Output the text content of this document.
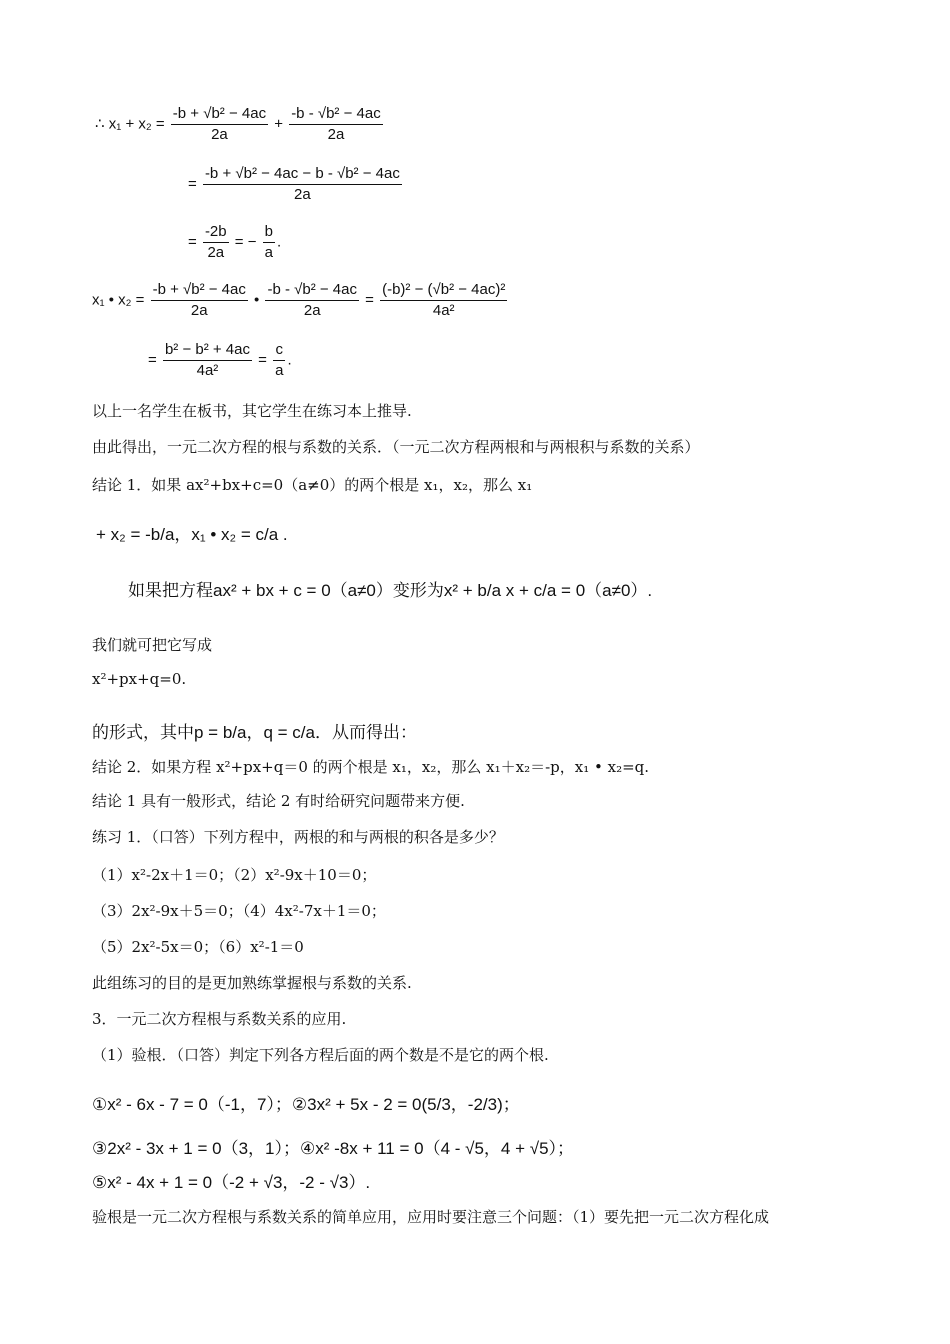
∴ $x_1 + x_2 = \frac{\text{-b + √b² − 4ac}}{2a} + \frac{\text{-b - √b² − 4ac}}{2a}$
= $\frac{\text{-b + √b² − 4ac − b - √b² − 4ac}}{2a}$
= $\frac{-2b}{2a}$ = − $\frac{b}{a}$ .
x₁ • $x_2 = \frac{\text{-b + √b² − 4ac}}{2a}$ • $\frac{\text{-b - √b² − 4ac}}{2a} = \frac{\text{(-b)² − (√b² − 4ac)²}}{\text{4a²}}$
= $\frac{\text{b² − b² + 4ac}}{\text{4a²}} = \frac{c}{a}$ .
以上一名学生在板书，其它学生在练习本上推导.
由此得出，一元二次方程的根与系数的关系．（一元二次方程两根和与两根积与系数的关系）
结论 1．如果 ax²+bx+c=0（a≠0）的两个根是 x₁，x₂，那么 x₁
+ x₂ = -b/a，x₁ • x₂ = c/a .
如果把方程ax² + bx + c = 0（a≠0）变形为x² + b/a x + c/a = 0（a≠0）.
我们就可把它写成
x²+px+q=0.
的形式，其中p = b/a，q = c/a．从而得出：
结论 2．如果方程 x²+px+q＝0 的两个根是 x₁，x₂，那么 x₁＋x₂＝-p，x₁ • x₂=q.
结论 1 具有一般形式，结论 2 有时给研究问题带来方便.
练习 1．（口答）下列方程中，两根的和与两根的积各是多少？
（1）x²-2x＋1＝0；（2）x²-9x＋10＝0；
（3）2x²-9x＋5＝0；（4）4x²-7x＋1＝0；
（5）2x²-5x＝0；（6）x²-1＝0
此组练习的目的是更加熟练掌握根与系数的关系.
3．一元二次方程根与系数关系的应用.
（1）验根．（口答）判定下列各方程后面的两个数是不是它的两个根.
①x² - 6x - 7 = 0（-1，7）；②3x² + 5x - 2 = 0(5/3，-2/3)；
③2x² - 3x + 1 = 0（3，1）；④x² -8x + 11 = 0（4 - √5，4 + √5）；
⑤x² - 4x + 1 = 0（-2 + √3，-2 - √3）.
验根是一元二次方程根与系数关系的简单应用，应用时要注意三个问题：（1）要先把一元二次方程化成
